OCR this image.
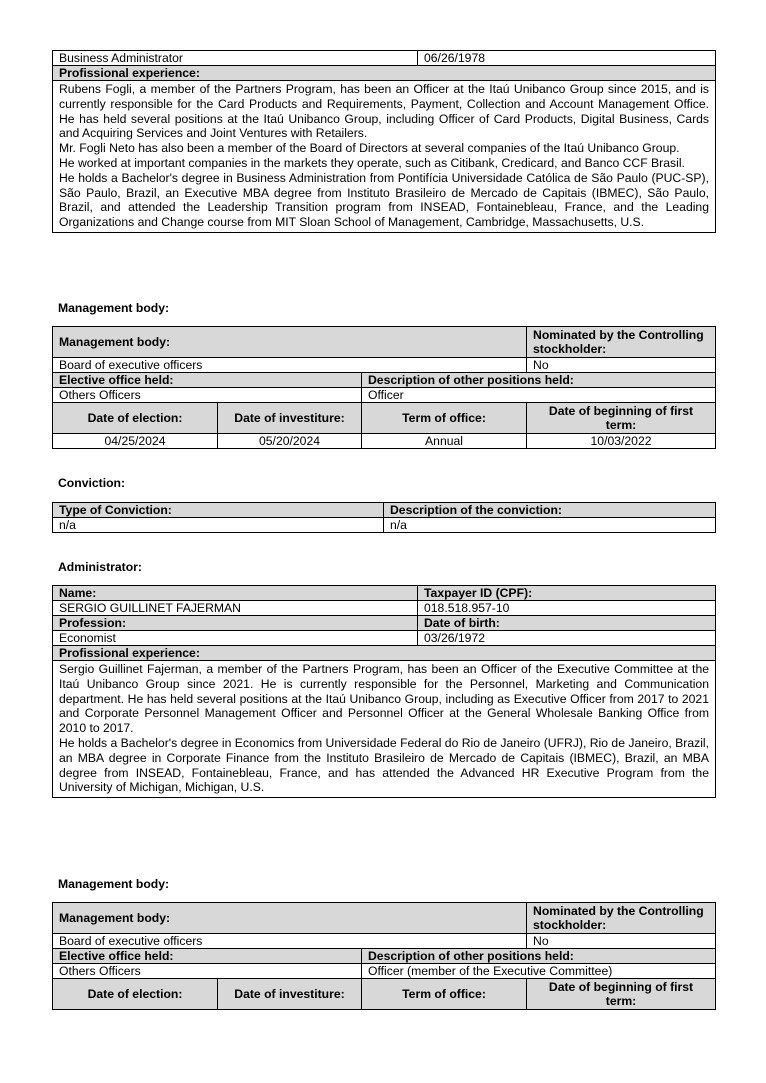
Business Administrator	06/26/1978
Profissional experience:

Rubens Fogli, a member of the Partners Program, has been an Officer at the Itaú Unibanco Group since 2015, and is currently responsible for the Card Products and Requirements, Payment, Collection and Account Management Office. He has held several positions at the Itaú Unibanco Group, including Officer of Card Products, Digital Business, Cards and Acquiring Services and Joint Ventures with Retailers.

Mr. Fogli Neto has also been a member of the Board of Directors at several companies of the Itaú Unibanco Group.

He worked at important companies in the markets they operate, such as Citibank, Credicard, and Banco CCF Brasil.

He holds a Bachelor's degree in Business Administration from Pontifícia Universidade Católica de São Paulo (PUC-SP), São Paulo, Brazil, an Executive MBA degree from Instituto Brasileiro de Mercado de Capitais (IBMEC), São Paulo, Brazil, and attended the Leadership Transition program from INSEAD, Fontainebleau, France, and the Leading Organizations and Change course from MIT Sloan School of Management, Cambridge, Massachusetts, U.S.

Management body:

Management body:			Nominated by the Controlling stockholder:
Board of executive officers			No
Elective office held:		Description of other positions held:	
Others Officers		Officer	
Date of election:	Date of investiture:	Term of office:	Date of beginning of first term:
04/25/2024	05/20/2024	Annual	10/03/2022

Conviction:

Type of Conviction:	Description of the conviction:
n/a	n/a

Administrator:

Name:	Taxpayer ID (CPF):
SERGIO GUILLINET FAJERMAN	018.518.957-10
Profession:	Date of birth:
Economist	03/26/1972
Profissional experience:	

Sergio Guillinet Fajerman, a member of the Partners Program, has been an Officer of the Executive Committee at the Itaú Unibanco Group since 2021. He is currently responsible for the Personnel, Marketing and Communication department. He has held several positions at the Itaú Unibanco Group, including as Executive Officer from 2017 to 2021 and Corporate Personnel Management Officer and Personnel Officer at the General Wholesale Banking Office from 2010 to 2017.

He holds a Bachelor's degree in Economics from Universidade Federal do Rio de Janeiro (UFRJ), Rio de Janeiro, Brazil, an MBA degree in Corporate Finance from the Instituto Brasileiro de Mercado de Capitais (IBMEC), Brazil, an MBA degree from INSEAD, Fontainebleau, France, and has attended the Advanced HR Executive Program from the University of Michigan, Michigan, U.S.	

Management body:

Management body:			Nominated by the Controlling stockholder:
Board of executive officers			No
Elective office held:		Description of other positions held:	
Others Officers		Officer (member of the Executive Committee)	
Date of election:	Date of investiture:	Term of office:	Date of beginning of first term:
